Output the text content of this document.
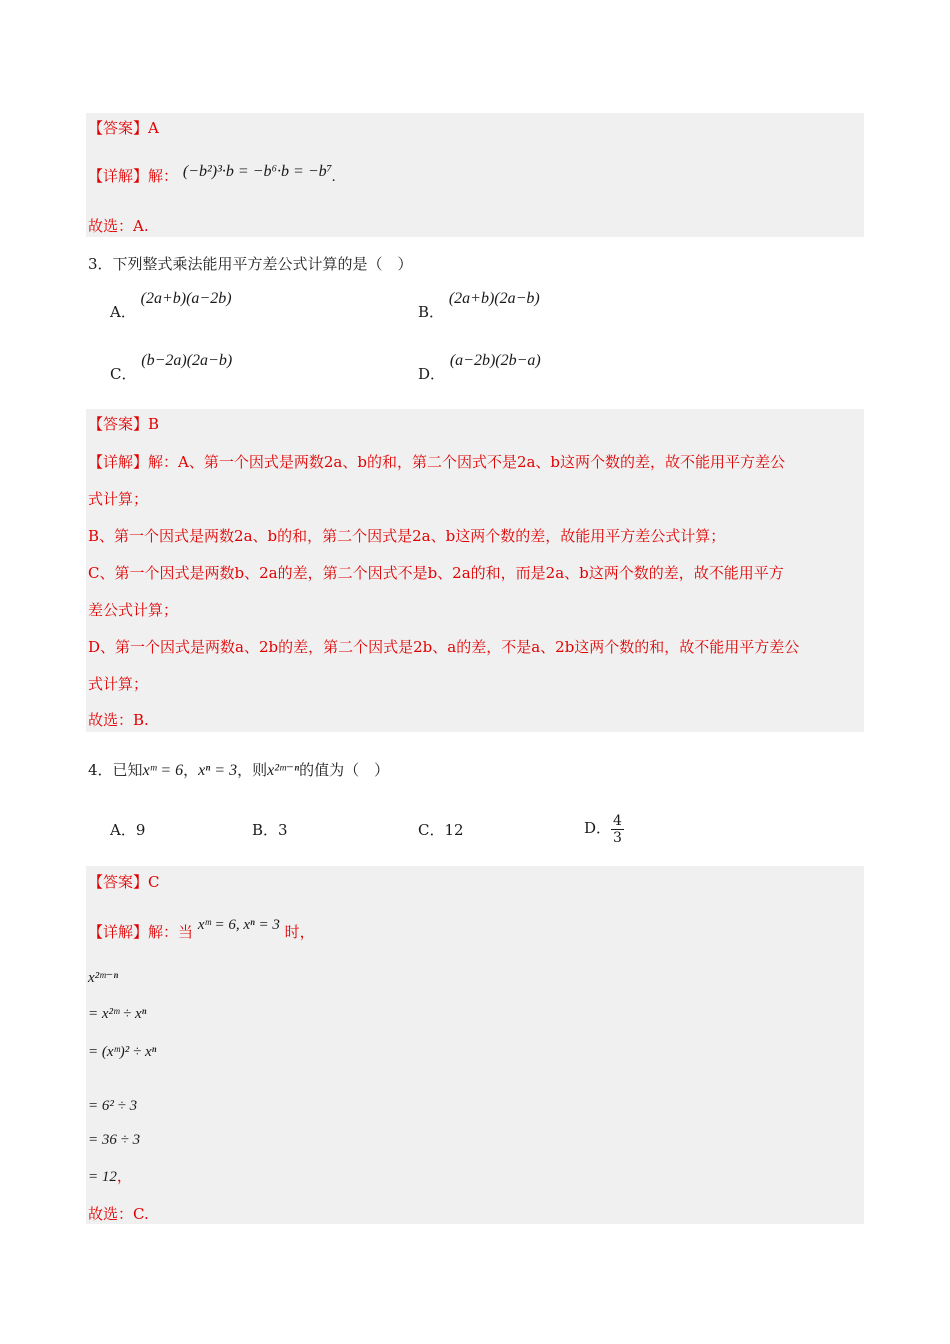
【答案】A
【详解】解： (−b²)³·b = −b⁶·b = −b⁷.
故选：A.
3．下列整式乘法能用平方差公式计算的是（　）
A． (2a+b)(a−2b)
B． (2a+b)(2a−b)
C． (b−2a)(2a−b)
D． (a−2b)(2b−a)
【答案】B
【详解】解：A、第一个因式是两数2a、b的和，第二个因式不是2a、b这两个数的差，故不能用平方差公
式计算；
B、第一个因式是两数2a、b的和，第二个因式是2a、b这两个数的差，故能用平方差公式计算；
C、第一个因式是两数b、2a的差，第二个因式不是b、2a的和，而是2a、b这两个数的差，故不能用平方
差公式计算；
D、第一个因式是两数a、2b的差，第二个因式是2b、a的差，不是a、2b这两个数的和，故不能用平方差公
式计算；
故选：B.
4．已知xᵐ = 6，xⁿ = 3，则x²ᵐ⁻ⁿ的值为（　）
A．9	B．3	C．12	D． $\frac{4}{3}$
【答案】C
【详解】解：当 xᵐ = 6, xⁿ = 3 时，
x²ᵐ⁻ⁿ
= x²ᵐ ÷ xⁿ
= (xᵐ)² ÷ xⁿ
= 6² ÷ 3
= 36 ÷ 3
= 12，
故选：C.
